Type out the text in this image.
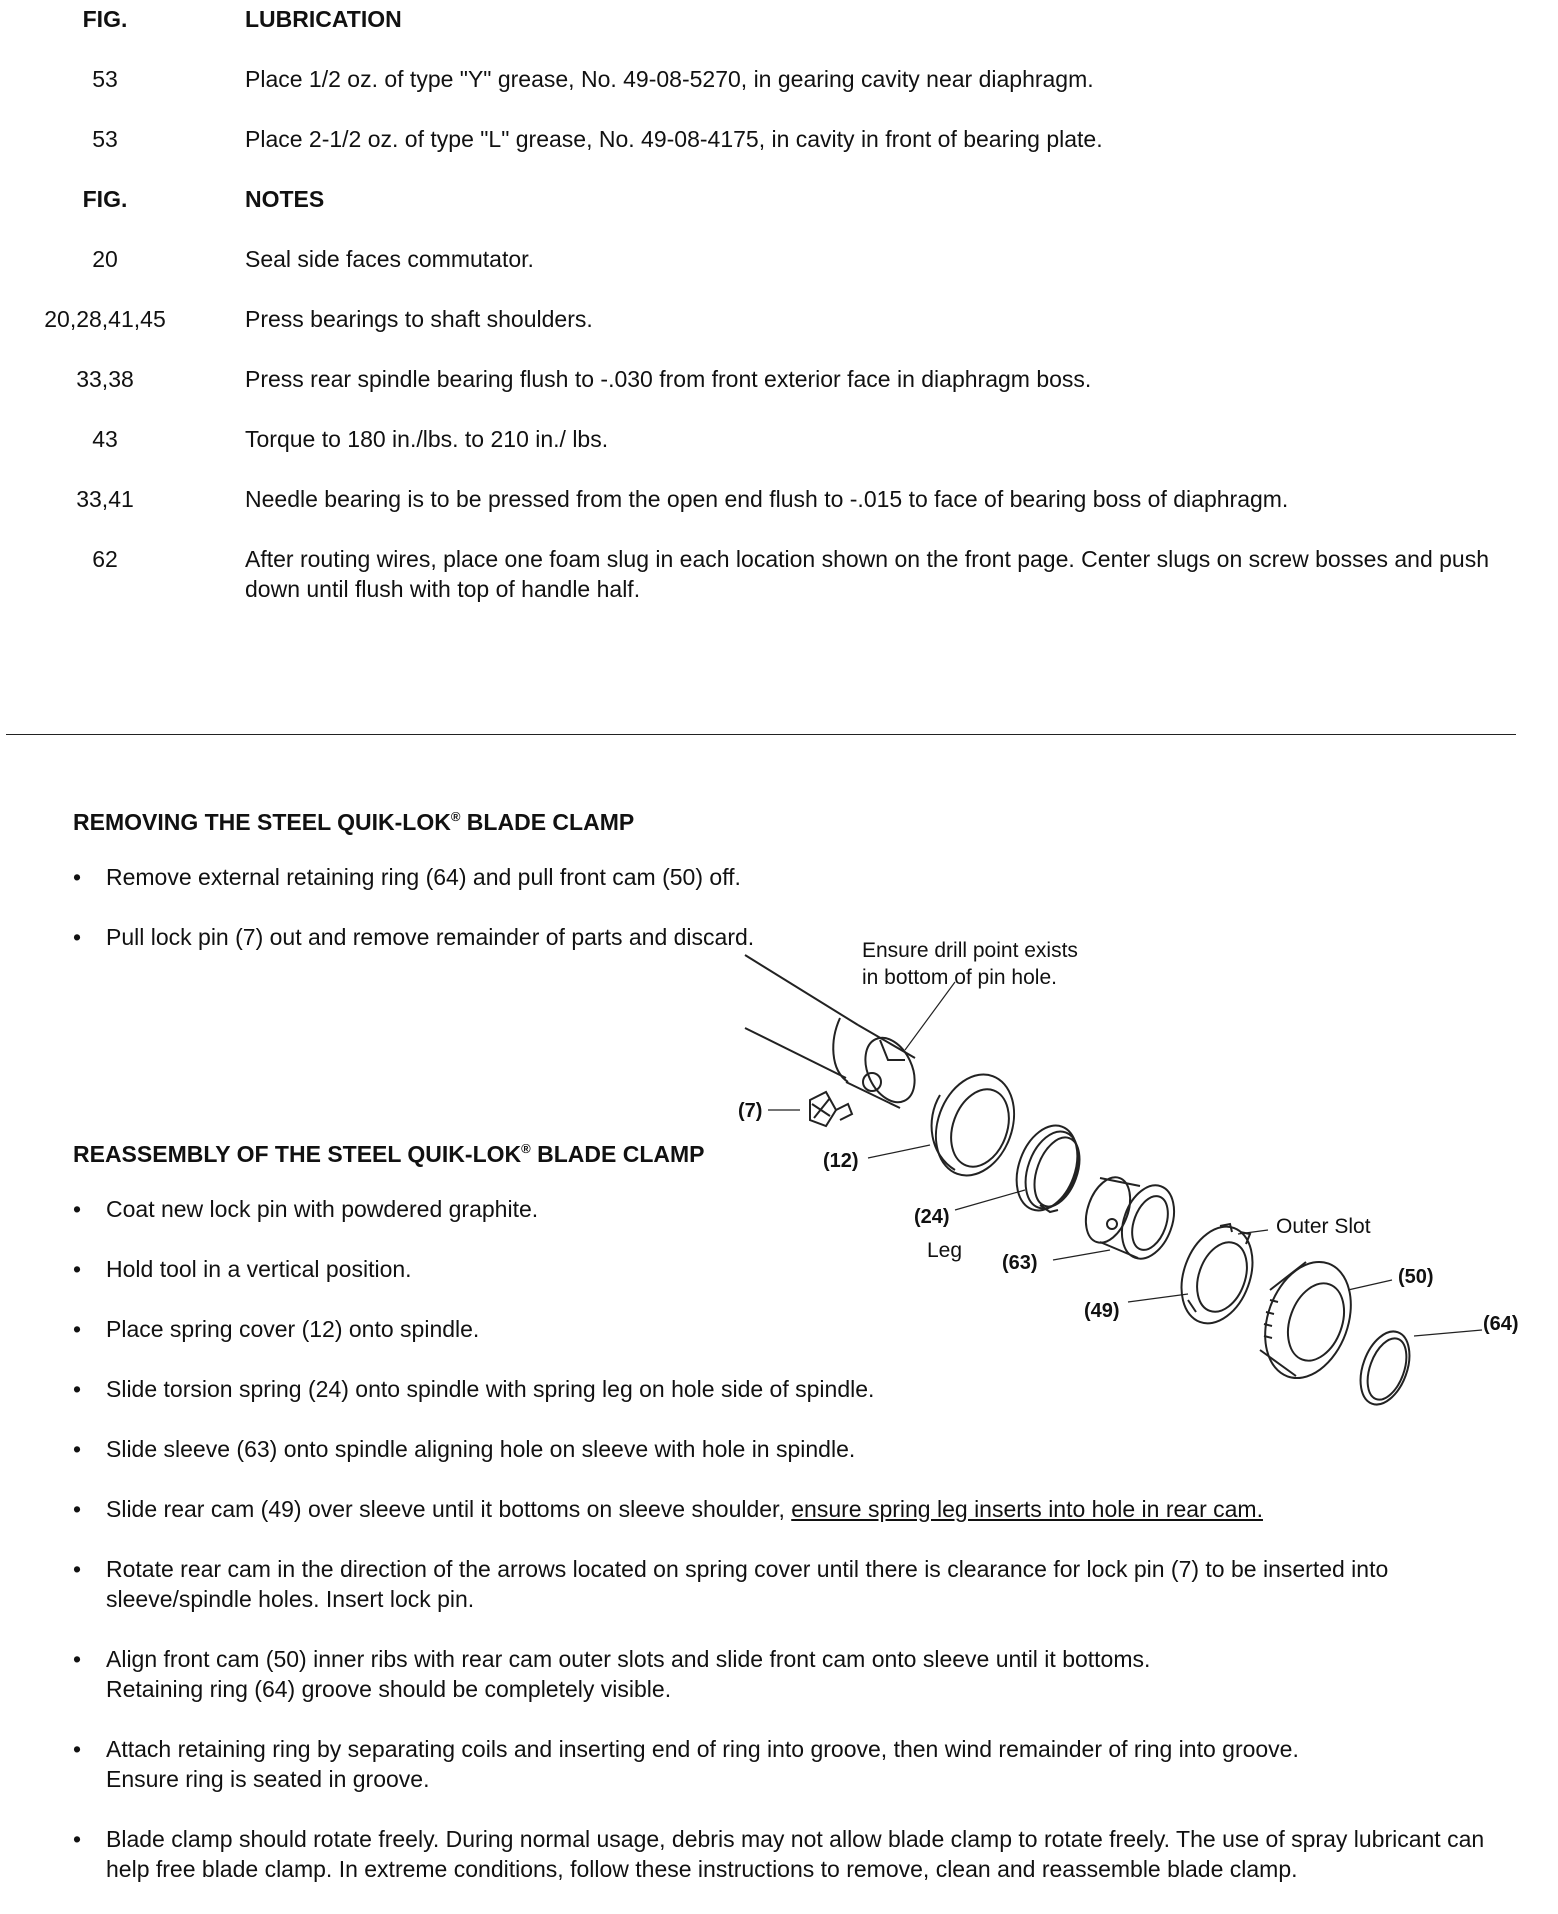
FIG.	LUBRICATION
53	Place 1/2 oz. of type "Y" grease, No. 49-08-5270, in gearing cavity near diaphragm.
53	Place 2-1/2 oz. of type "L" grease, No. 49-08-4175, in cavity in front of bearing plate.
FIG.	NOTES
20	Seal side faces commutator.
20,28,41,45	Press bearings to shaft shoulders.
33,38	Press rear spindle bearing flush to -.030 from front exterior face in diaphragm boss.
43	Torque to 180 in./lbs. to 210 in./ lbs.
33,41	Needle bearing is to be pressed from the open end flush to -.015 to face of bearing boss of diaphragm.
62	After routing wires, place one foam slug in each location shown on the front page. Center slugs on screw bosses and push down until flush with top of handle half.
REMOVING THE STEEL QUIK-LOK® BLADE CLAMP
• Remove external retaining ring (64) and pull front cam (50) off.
• Pull lock pin (7) out and remove remainder of parts and discard.
REASSEMBLY OF THE STEEL QUIK-LOK® BLADE CLAMP
• Coat new lock pin with powdered graphite.
• Hold tool in a vertical position.
• Place spring cover (12) onto spindle.
• Slide torsion spring (24) onto spindle with spring leg on hole side of spindle.
• Slide sleeve (63) onto spindle aligning hole on sleeve with hole in spindle.
• Slide rear cam (49) over sleeve until it bottoms on sleeve shoulder, ensure spring leg inserts into hole in rear cam.
• Rotate rear cam in the direction of the arrows located on spring cover until there is clearance for lock pin (7) to be inserted into sleeve/spindle holes. Insert lock pin.
• Align front cam (50) inner ribs with rear cam outer slots and slide front cam onto sleeve until it bottoms.
Retaining ring (64) groove should be completely visible.
• Attach retaining ring by separating coils and inserting end of ring into groove, then wind remainder of ring into groove.
Ensure ring is seated in groove.
• Blade clamp should rotate freely. During normal usage, debris may not allow blade clamp to rotate freely. The use of spray lubricant can help free blade clamp. In extreme conditions, follow these instructions to remove, clean and reassemble blade clamp.
Ensure drill point exists
in bottom of pin hole.
(7)
(12)
(24)
Leg
(63)
(49)
Outer Slot
(50)
(64)
